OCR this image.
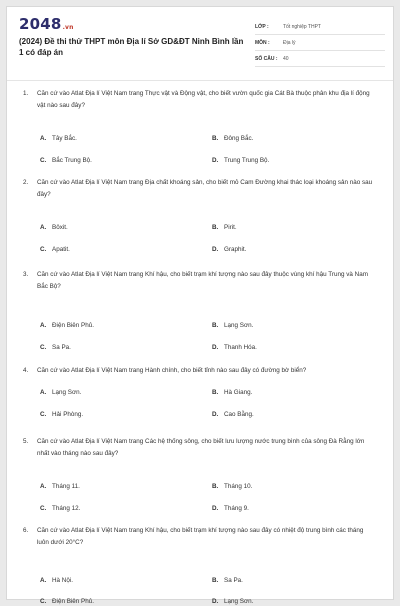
2048.vn
(2024) Đề thi thử THPT môn Địa lí Sở GD&ĐT Ninh Bình lần 1 có đáp án
LỚP :	Tốt nghiệp THPT
MÔN :	Địa lý
SỐ CÂU :	40
1. Căn cứ vào Atlat Địa lí Việt Nam trang Thực vật và Động vật, cho biết vườn quốc gia Cát Bà thuộc phân khu địa lí động vật nào sau đây?
A. Tây Bắc.	B. Đông Bắc.
C. Bắc Trung Bộ.	D. Trung Trung Bộ.
2. Căn cứ vào Atlat Địa lí Việt Nam trang Địa chất khoáng sản, cho biết mỏ Cam Đường khai thác loại khoáng sản nào sau đây?
A. Bôxit.	B. Pirit.
C. Apatit.	D. Graphit.
3. Căn cứ vào Atlat Địa lí Việt Nam trang Khí hậu, cho biết trạm khí tượng nào sau đây thuộc vùng khí hậu Trung và Nam Bắc Bộ?
A. Điện Biên Phủ.	B. Lạng Sơn.
C. Sa Pa.	D. Thanh Hóa.
4. Căn cứ vào Atlat Địa lí Việt Nam trang Hành chính, cho biết tỉnh nào sau đây có đường bờ biển?
A. Lạng Sơn.	B. Hà Giang.
C. Hải Phòng.	D. Cao Bằng.
5. Căn cứ vào Atlat Địa lí Việt Nam trang Các hệ thống sông, cho biết lưu lượng nước trung bình của sông Đà Rằng lớn nhất vào tháng nào sau đây?
A. Tháng 11.	B. Tháng 10.
C. Tháng 12.	D. Tháng 9.
6. Căn cứ vào Atlat Địa lí Việt Nam trang Khí hậu, cho biết trạm khí tượng nào sau đây có nhiệt độ trung bình các tháng luôn dưới 20°C?
A. Hà Nội.	B. Sa Pa.
C. Điện Biên Phủ.	D. Lạng Sơn.
